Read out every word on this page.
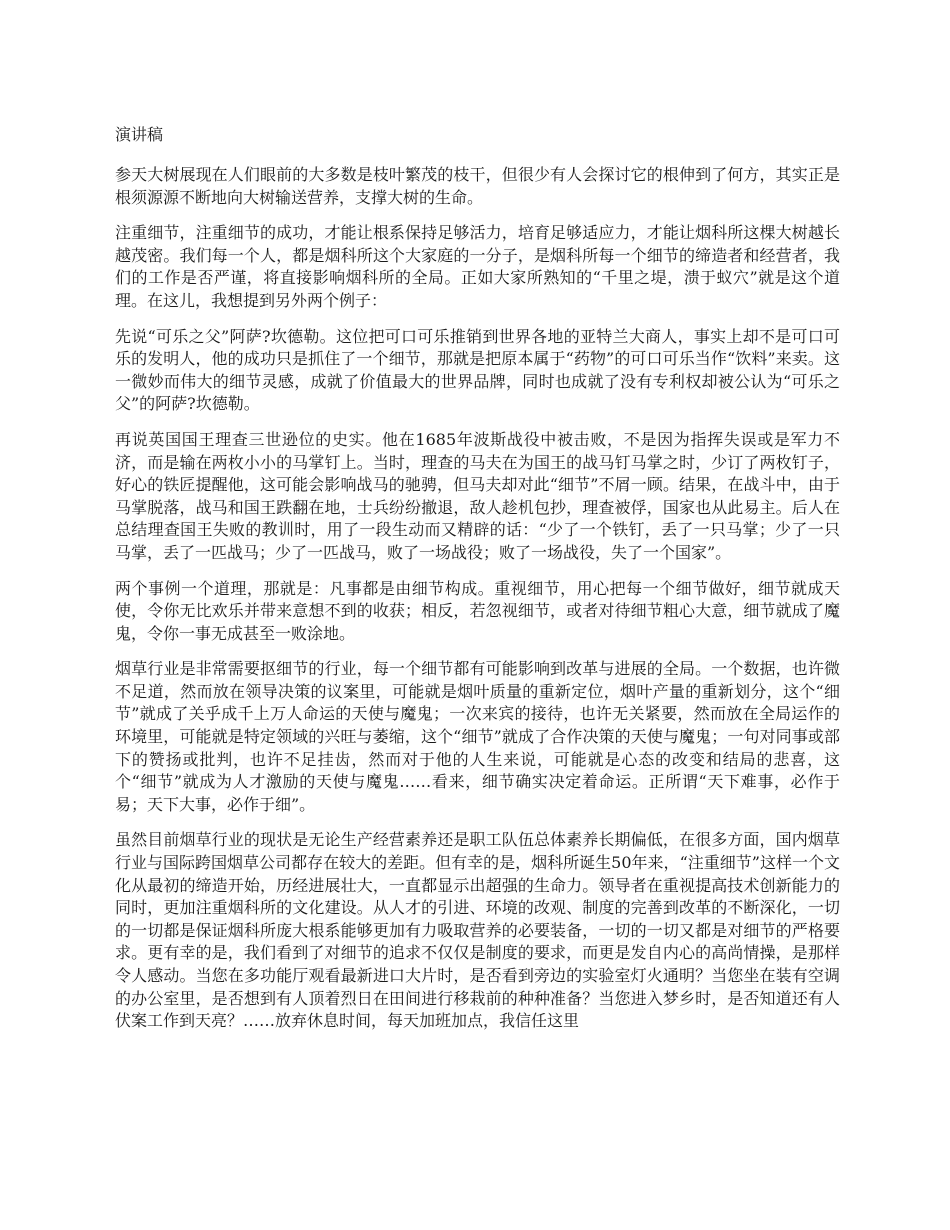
演讲稿

参天大树展现在人们眼前的大多数是枝叶繁茂的枝干，但很少有人会探讨它的根伸到了何方，其实正是根须源源不断地向大树输送营养，支撑大树的生命。

注重细节，注重细节的成功，才能让根系保持足够活力，培育足够适应力，才能让烟科所这棵大树越长越茂密。我们每一个人，都是烟科所这个大家庭的一分子，是烟科所每一个细节的缔造者和经营者，我们的工作是否严谨，将直接影响烟科所的全局。正如大家所熟知的“千里之堤，溃于蚁穴”就是这个道理。在这儿，我想提到另外两个例子：

先说“可乐之父”阿萨?坎德勒。这位把可口可乐推销到世界各地的亚特兰大商人，事实上却不是可口可乐的发明人，他的成功只是抓住了一个细节，那就是把原本属于“药物”的可口可乐当作“饮料”来卖。这一微妙而伟大的细节灵感，成就了价值最大的世界品牌，同时也成就了没有专利权却被公认为“可乐之父”的阿萨?坎德勒。

再说英国国王理查三世逊位的史实。他在1685年波斯战役中被击败，不是因为指挥失误或是军力不济，而是输在两枚小小的马掌钉上。当时，理查的马夫在为国王的战马钉马掌之时，少订了两枚钉子，好心的铁匠提醒他，这可能会影响战马的驰骋，但马夫却对此“细节”不屑一顾。结果，在战斗中，由于马掌脱落，战马和国王跌翻在地，士兵纷纷撤退，敌人趁机包抄，理查被俘，国家也从此易主。后人在总结理查国王失败的教训时，用了一段生动而又精辟的话：“少了一个铁钉，丢了一只马掌；少了一只马掌，丢了一匹战马；少了一匹战马，败了一场战役；败了一场战役，失了一个国家”。

两个事例一个道理，那就是：凡事都是由细节构成。重视细节，用心把每一个细节做好，细节就成天使，令你无比欢乐并带来意想不到的收获；相反，若忽视细节，或者对待细节粗心大意，细节就成了魔鬼，令你一事无成甚至一败涂地。

烟草行业是非常需要抠细节的行业，每一个细节都有可能影响到改革与进展的全局。一个数据，也许微不足道，然而放在领导决策的议案里，可能就是烟叶质量的重新定位，烟叶产量的重新划分，这个“细节”就成了关乎成千上万人命运的天使与魔鬼；一次来宾的接待，也许无关紧要，然而放在全局运作的环境里，可能就是特定领域的兴旺与萎缩，这个“细节”就成了合作决策的天使与魔鬼；一句对同事或部下的赞扬或批判，也许不足挂齿，然而对于他的人生来说，可能就是心态的改变和结局的悲喜，这个“细节”就成为人才激励的天使与魔鬼……看来，细节确实决定着命运。正所谓“天下难事，必作于易；天下大事，必作于细”。

虽然目前烟草行业的现状是无论生产经营素养还是职工队伍总体素养长期偏低，在很多方面，国内烟草行业与国际跨国烟草公司都存在较大的差距。但有幸的是，烟科所诞生50年来，“注重细节”这样一个文化从最初的缔造开始，历经进展壮大，一直都显示出超强的生命力。领导者在重视提高技术创新能力的同时，更加注重烟科所的文化建设。从人才的引进、环境的改观、制度的完善到改革的不断深化，一切的一切都是保证烟科所庞大根系能够更加有力吸取营养的必要装备，一切的一切又都是对细节的严格要求。更有幸的是，我们看到了对细节的追求不仅仅是制度的要求，而更是发自内心的高尚情操，是那样令人感动。当您在多功能厅观看最新进口大片时，是否看到旁边的实验室灯火通明？当您坐在装有空调的办公室里，是否想到有人顶着烈日在田间进行移栽前的种种准备？当您进入梦乡时，是否知道还有人伏案工作到天亮？……放弃休息时间，每天加班加点，我信任这里
